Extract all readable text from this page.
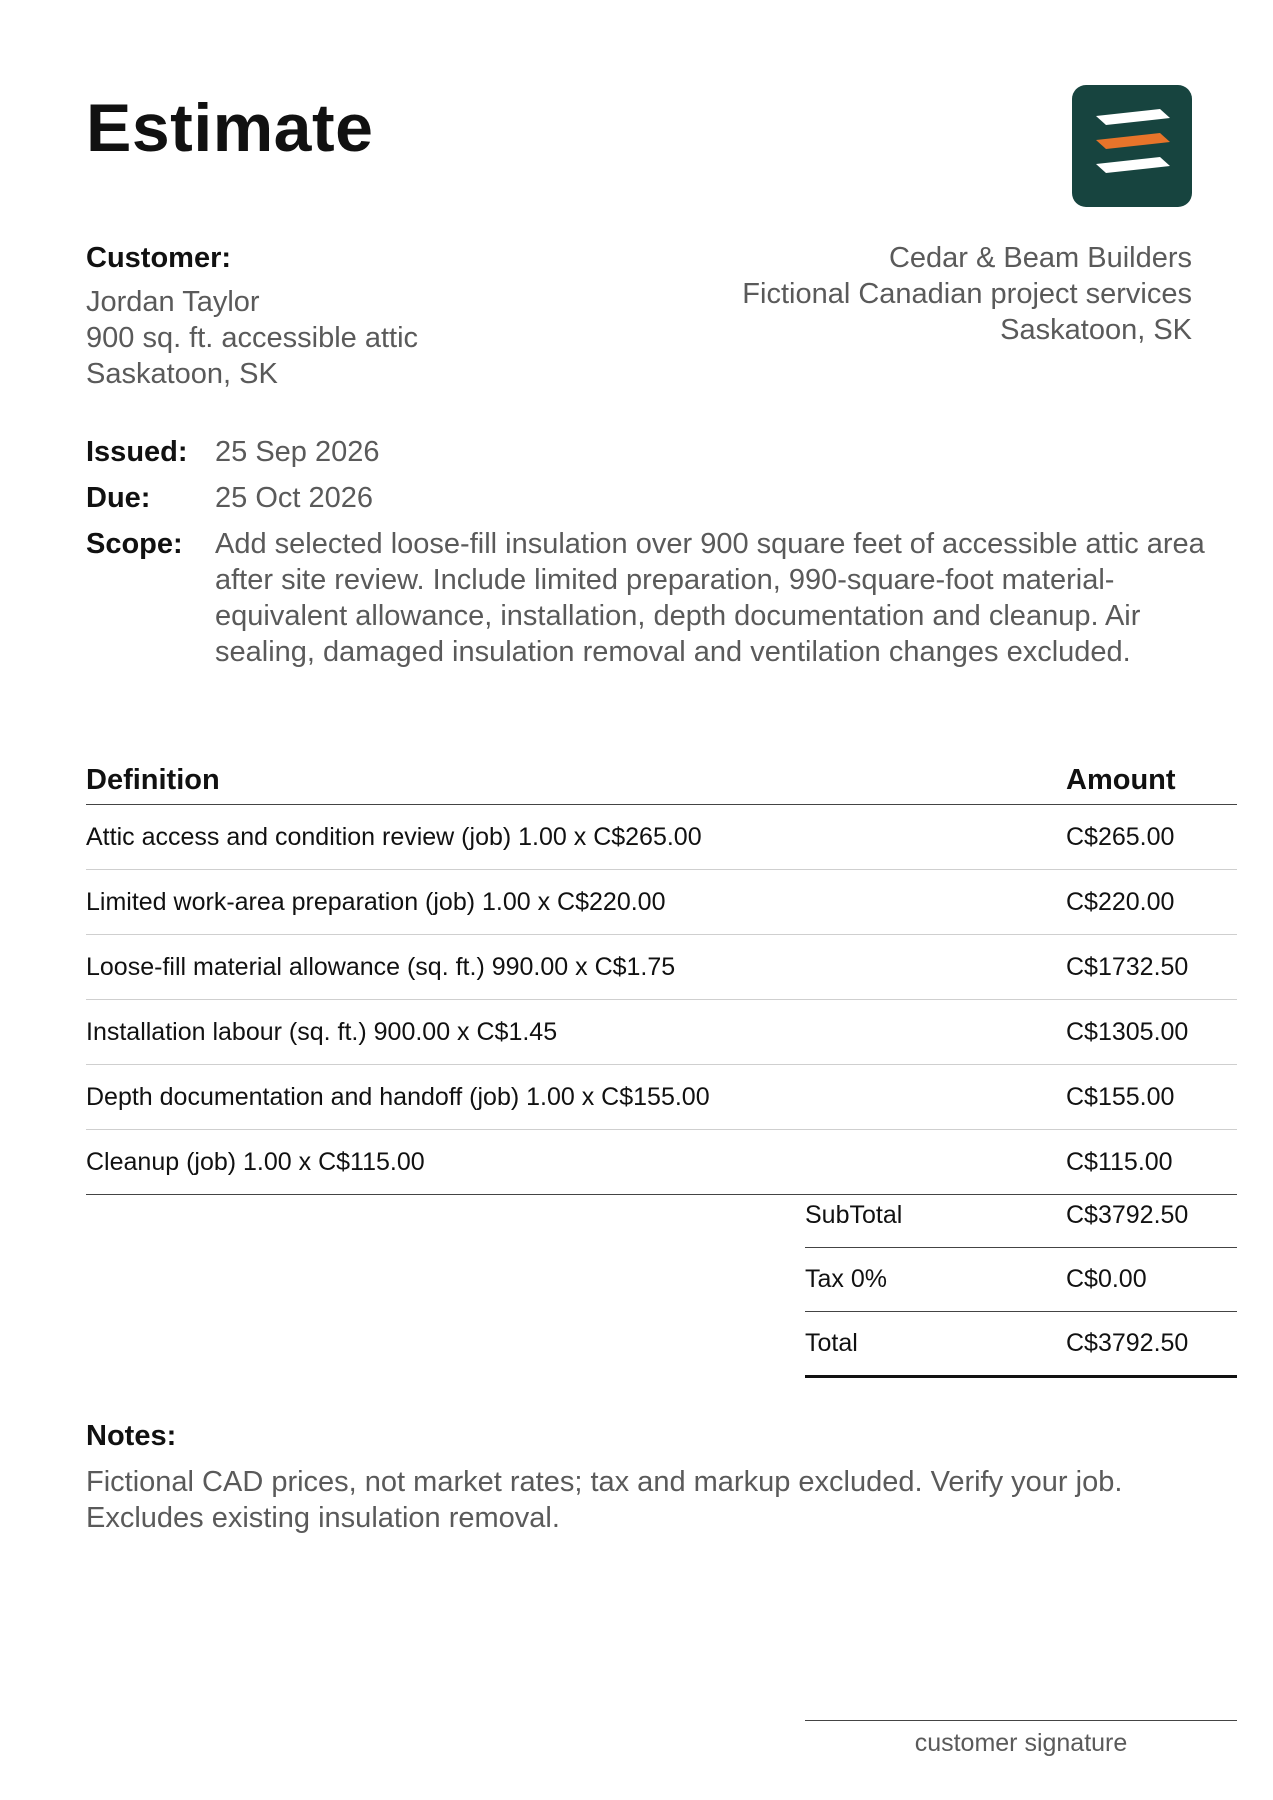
Estimate
Customer:
Jordan Taylor
900 sq. ft. accessible attic
Saskatoon, SK
Cedar & Beam Builders
Fictional Canadian project services
Saskatoon, SK
Issued: 25 Sep 2026
Due:	25 Oct 2026
Scope:	Add selected loose-fill insulation over 900 square feet of accessible attic area after site review. Include limited preparation, 990-square-foot material-equivalent allowance, installation, depth documentation and cleanup. Air sealing, damaged insulation removal and ventilation changes excluded.
Definition	Amount
Attic access and condition review (job) 1.00 x C$265.00	C$265.00
Limited work-area preparation (job) 1.00 x C$220.00	C$220.00
Loose-fill material allowance (sq. ft.) 990.00 x C$1.75	C$1732.50
Installation labour (sq. ft.) 900.00 x C$1.45	C$1305.00
Depth documentation and handoff (job) 1.00 x C$155.00	C$155.00
Cleanup (job) 1.00 x C$115.00	C$115.00
SubTotal	C$3792.50
Tax 0%	C$0.00
Total	C$3792.50
Notes:
Fictional CAD prices, not market rates; tax and markup excluded. Verify your job.
Excludes existing insulation removal.
customer signature
